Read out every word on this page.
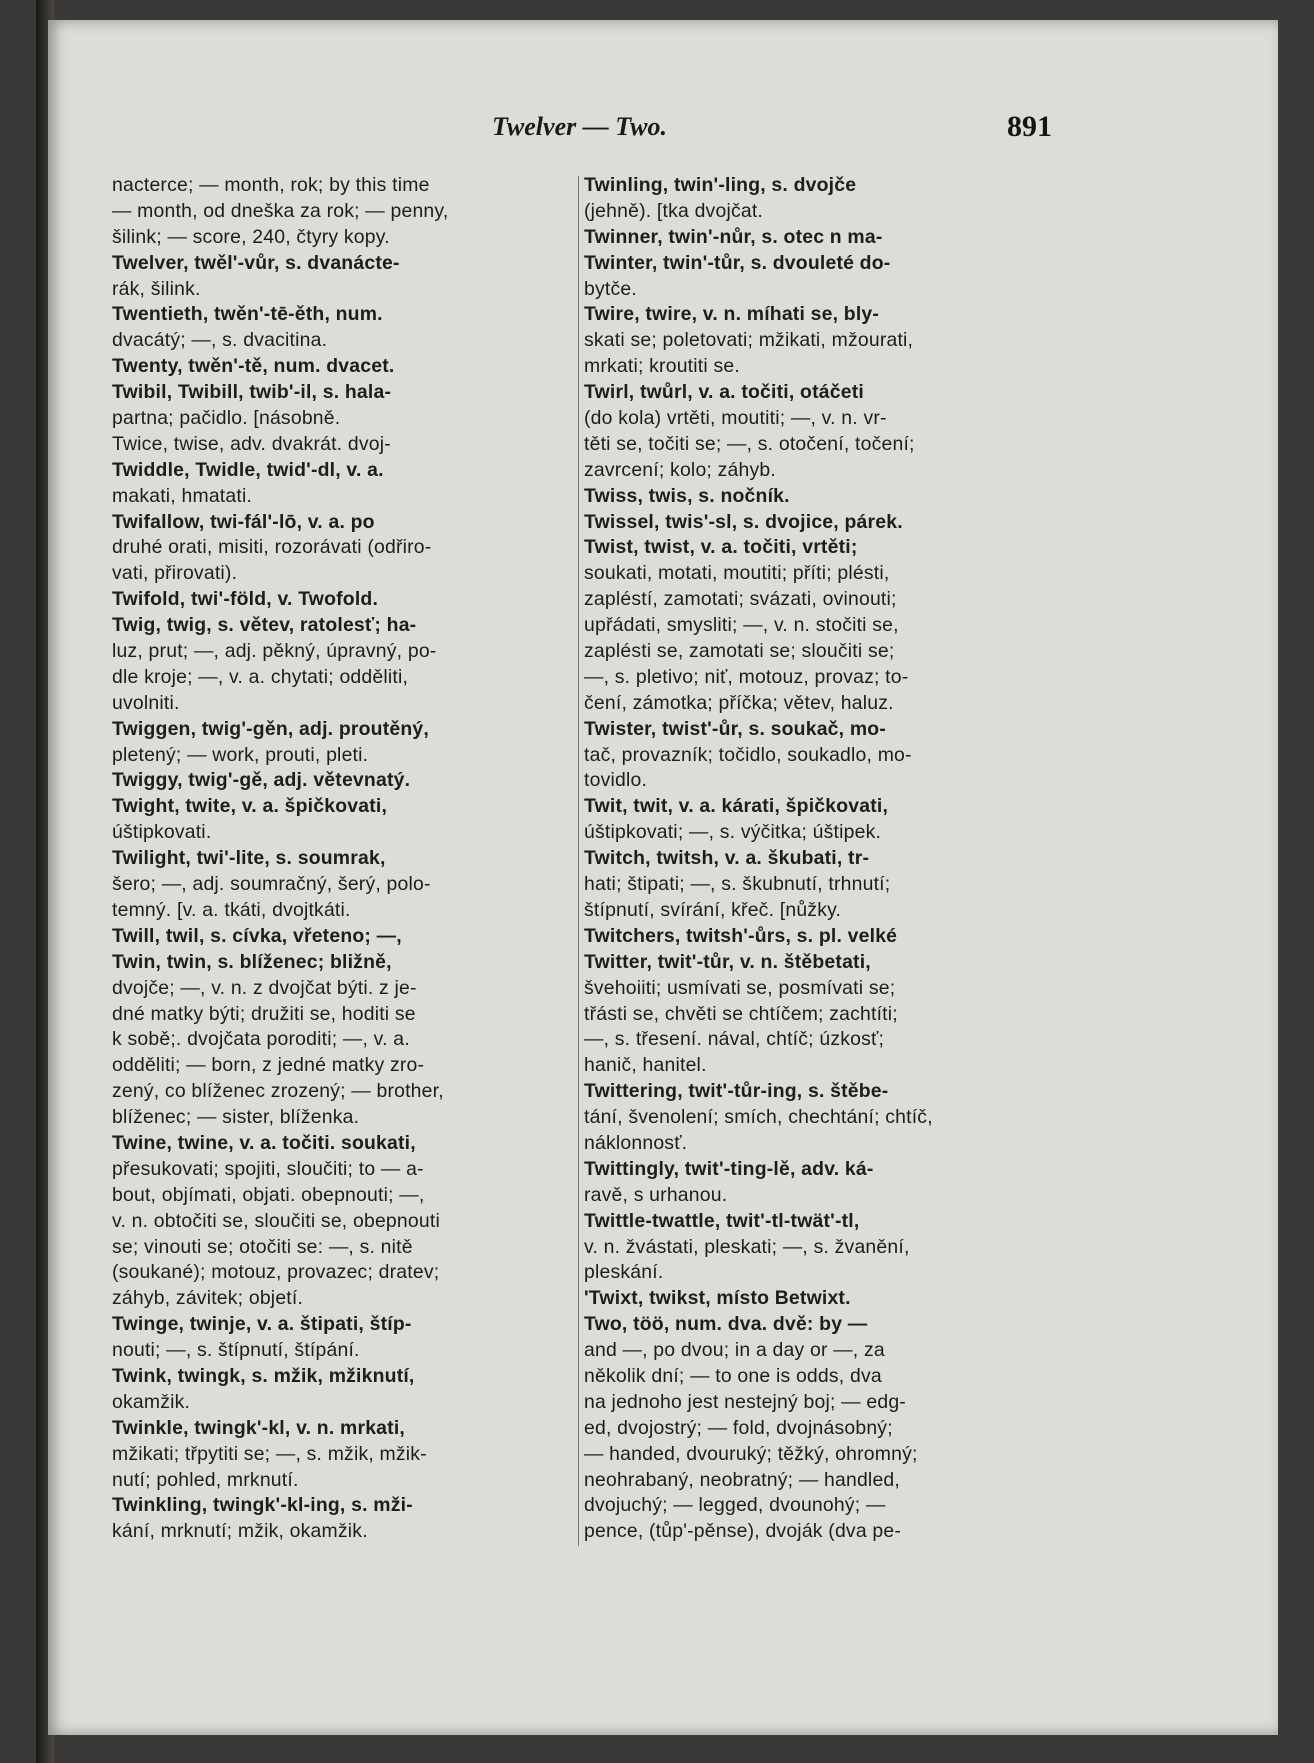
Twelver — Two.	891
nacterce; — month, rok; by this time
— month, od dneška za rok; — penny,
šilink; — score, 240, čtyry kopy.
Twelver, twěl'-vůr, s. dvanácte-
rák, šilink.
Twentieth, twěn'-tē-ěth, num.
dvacátý; —, s. dvacitina.
Twenty, twěn'-tě, num. dvacet.
Twibil, Twibill, twib'-il, s. hala-
partna; pačidlo. [násobně.
Twice, twise, adv. dvakrát. dvoj-
Twiddle, Twidle, twid'-dl, v. a.
makati, hmatati.
Twifallow, twi-fál'-lō, v. a. po
druhé orati, misiti, rozorávati (odřiro-
vati, přirovati).
Twifold, twi'-föld, v. Twofold.
Twig, twig, s. větev, ratolesť; ha-
luz, prut; —, adj. pěkný, úpravný, po-
dle kroje; —, v. a. chytati; odděliti,
uvolniti.
Twiggen, twig'-gěn, adj. proutěný,
pletený; — work, prouti, pleti.
Twiggy, twig'-gě, adj. větevnatý.
Twight, twite, v. a. špičkovati,
úštipkovati.
Twilight, twi'-lite, s. soumrak,
šero; —, adj. soumračný, šerý, polo-
temný. [v. a. tkáti, dvojtkáti.
Twill, twil, s. cívka, vřeteno; —,
Twin, twin, s. blíženec; bližně,
dvojče; —, v. n. z dvojčat býti. z je-
dné matky býti; družiti se, hoditi se
k sobě;. dvojčata poroditi; —, v. a.
odděliti; — born, z jedné matky zro-
zený, co blíženec zrozený; — brother,
blíženec; — sister, blíženka.
Twine, twine, v. a. točiti. soukati,
přesukovati; spojiti, sloučiti; to — a-
bout, objímati, objati. obepnouti; —,
v. n. obtočiti se, sloučiti se, obepnouti
se; vinouti se; otočiti se: —, s. nitě
(soukané); motouz, provazec; dratev;
záhyb, závitek; objetí.
Twinge, twinje, v. a. štipati, štíp-
nouti; —, s. štípnutí, štípání.
Twink, twingk, s. mžik, mžiknutí,
okamžik.
Twinkle, twingk'-kl, v. n. mrkati,
mžikati; třpytiti se; —, s. mžik, mžik-
nutí; pohled, mrknutí.
Twinkling, twingk'-kl-ing, s. mži-
kání, mrknutí; mžik, okamžik.
Twinling, twin'-ling, s. dvojče
(jehně). [tka dvojčat.
Twinner, twin'-nůr, s. otec n ma-
Twinter, twin'-tůr, s. dvouleté do-
bytče.
Twire, twire, v. n. míhati se, bly-
skati se; poletovati; mžikati, mžourati,
mrkati; kroutiti se.
Twirl, twůrl, v. a. točiti, otáčeti
(do kola) vrtěti, moutiti; —, v. n. vr-
těti se, točiti se; —, s. otočení, točení;
zavrcení; kolo; záhyb.
Twiss, twis, s. nočník.
Twissel, twis'-sl, s. dvojice, párek.
Twist, twist, v. a. točiti, vrtěti;
soukati, motati, moutiti; příti; plésti,
zapléstí, zamotati; svázati, ovinouti;
upřádati, smysliti; —, v. n. stočiti se,
zaplésti se, zamotati se; sloučiti se;
—, s. pletivo; niť, motouz, provaz; to-
čení, zámotka; příčka; větev, haluz.
Twister, twist'-ůr, s. soukač, mo-
tač, provazník; točidlo, soukadlo, mo-
tovidlo.
Twit, twit, v. a. kárati, špičkovati,
úštipkovati; —, s. výčitka; úštipek.
Twitch, twitsh, v. a. škubati, tr-
hati; štipati; —, s. škubnutí, trhnutí;
štípnutí, svírání, křeč. [nůžky.
Twitchers, twitsh'-ůrs, s. pl. velké
Twitter, twit'-tůr, v. n. štěbetati,
švehoiiti; usmívati se, posmívati se;
třásti se, chvěti se chtíčem; zachtíti;
—, s. třesení. nával, chtíč; úzkosť;
hanič, hanitel.
Twittering, twit'-tůr-ing, s. štěbe-
tání, švenolení; smích, chechtání; chtíč,
náklonnosť.
Twittingly, twit'-ting-lě, adv. ká-
ravě, s urhanou.
Twittle-twattle, twit'-tl-twät'-tl,
v. n. žvástati, pleskati; —, s. žvanění,
pleskání.
'Twixt, twikst, místo Betwixt.
Two, töö, num. dva. dvě: by —
and —, po dvou; in a day or —, za
několik dní; — to one is odds, dva
na jednoho jest nestejný boj; — edg-
ed, dvojostrý; — fold, dvojnásobný;
— handed, dvouruký; těžký, ohromný;
neohrabaný, neobratný; — handled,
dvojuchý; — legged, dvounohý; —
pence, (tůp'-pěnse), dvoják (dva pe-
